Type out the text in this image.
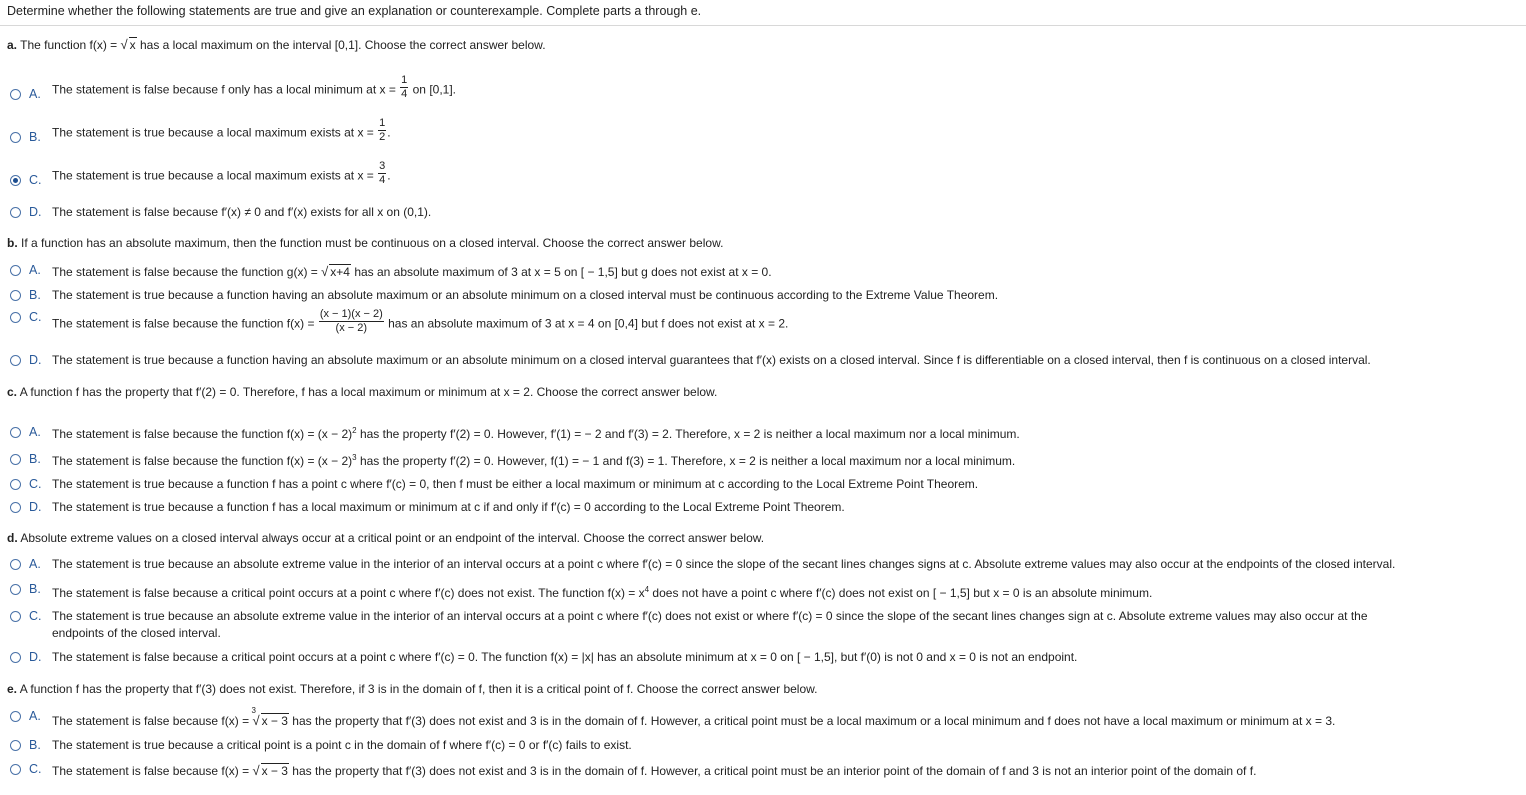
Determine whether the following statements are true and give an explanation or counterexample. Complete parts a through e.
a. The function f(x) = √ x has a local maximum on the interval [0,1]. Choose the correct answer below.
A. The statement is false because f only has a local minimum at $x = \frac{1}{4}$ on [0,1].
B. The statement is true because a local maximum exists at $x = \frac{1}{2}$ .
C. The statement is true because a local maximum exists at $x = \frac{3}{4}$ .
D. The statement is false because f′(x) ≠ 0 and f′(x) exists for all x on (0,1).
b. If a function has an absolute maximum, then the function must be continuous on a closed interval. Choose the correct answer below.
A. The statement is false because the function g(x) = √ x+4 has an absolute maximum of 3 at x = 5 on [ − 1,5] but g does not exist at x = 0.
B. The statement is true because a function having an absolute maximum or an absolute minimum on a closed interval must be continuous according to the Extreme Value Theorem.
C. The statement is false because the function $f(x) = \frac{(x - 1)(x - 2)}{(x - 2)}$ has an absolute maximum of 3 at x = 4 on [0,4] but f does not exist at x = 2.
D. The statement is true because a function having an absolute maximum or an absolute minimum on a closed interval guarantees that f′(x) exists on a closed interval. Since f is differentiable on a closed interval, then f is continuous on a closed interval.
c. A function f has the property that f′(2) = 0. Therefore, f has a local maximum or minimum at x = 2. Choose the correct answer below.
A. The statement is false because the function $f(x) = (x - 2)^2$ has the property f′(2) = 0. However, f′(1) = − 2 and f′(3) = 2. Therefore, x = 2 is neither a local maximum nor a local minimum.
B. The statement is false because the function $f(x) = (x - 2)^3$ has the property f′(2) = 0. However, f(1) = − 1 and f(3) = 1. Therefore, x = 2 is neither a local maximum nor a local minimum.
C. The statement is true because a function f has a point c where f′(c) = 0, then f must be either a local maximum or minimum at c according to the Local Extreme Point Theorem.
D. The statement is true because a function f has a local maximum or minimum at c if and only if f′(c) = 0 according to the Local Extreme Point Theorem.
d. Absolute extreme values on a closed interval always occur at a critical point or an endpoint of the interval. Choose the correct answer below.
A. The statement is true because an absolute extreme value in the interior of an interval occurs at a point c where f′(c) = 0 since the slope of the secant lines changes signs at c. Absolute extreme values may also occur at the endpoints of the closed interval.
B. The statement is false because a critical point occurs at a point c where f′(c) does not exist. The function $f(x) = x^4$ does not have a point c where f′(c) does not exist on [ − 1,5] but x = 0 is an absolute minimum.
C. The statement is true because an absolute extreme value in the interior of an interval occurs at a point c where f′(c) does not exist or where f′(c) = 0 since the slope of the secant lines changes sign at c. Absolute extreme values may also occur at the
endpoints of the closed interval.
D. The statement is false because a critical point occurs at a point c where f′(c) = 0. The function f(x) = |x| has an absolute minimum at x = 0 on [ − 1,5], but f′(0) is not 0 and x = 0 is not an endpoint.
e. A function f has the property that f′(3) does not exist. Therefore, if 3 is in the domain of f, then it is a critical point of f. Choose the correct answer below.
A. The statement is false because f(x) =
3
√ x − 3 has the property that f′(3) does not exist and 3 is in the domain of f. However, a critical point must be a local maximum or a local minimum and f does not have a local maximum or minimum at x = 3.
B. The statement is true because a critical point is a point c in the domain of f where f′(c) = 0 or f′(c) fails to exist.
C. The statement is false because f(x) = √ x − 3 has the property that f′(3) does not exist and 3 is in the domain of f. However, a critical point must be an interior point of the domain of f and 3 is not an interior point of the domain of f.
